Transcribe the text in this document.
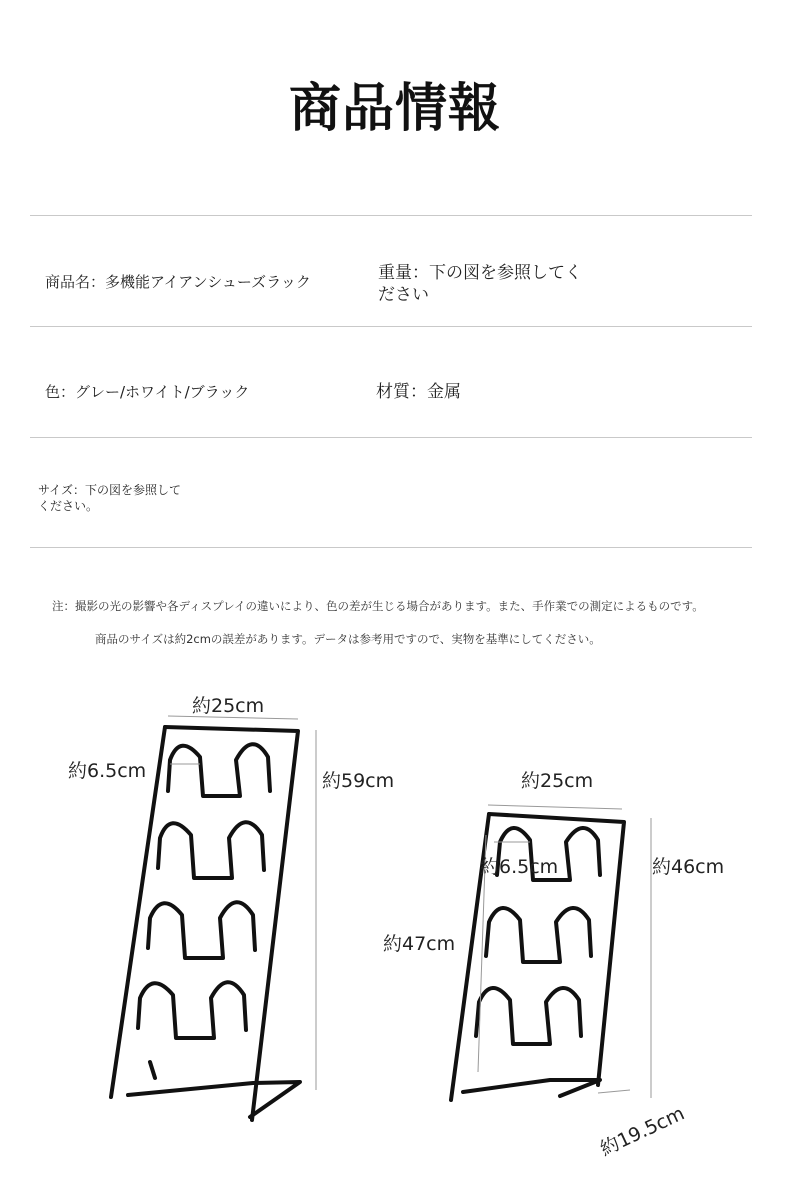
商品情報
商品名：多機能アイアンシューズラック	重量：下の図を参照してく
ださい
色：グレー/ホワイト/ブラック	材質：金属
サイズ：下の図を参照して
ください。
注：撮影の光の影響や各ディスプレイの違いにより、色の差が生じる場合があります。また、手作業での測定によるものです。
商品のサイズは約2cmの誤差があります。データは参考用ですので、実物を基準にしてください。
約25cm
約6.5cm	約59cm	約25cm
約6.5cm	約46cm
約47cm
約19.5cm
